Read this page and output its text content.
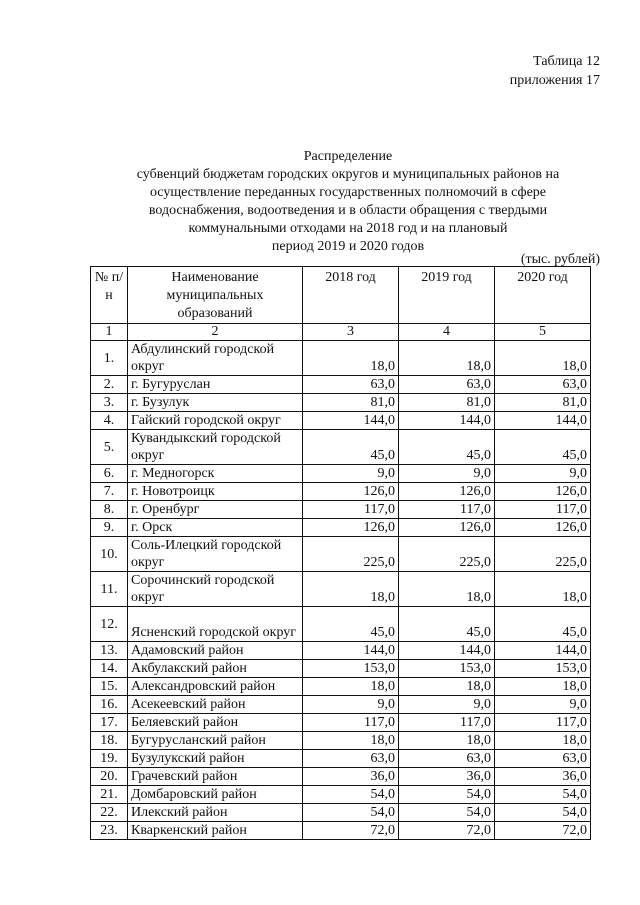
Таблица 12
приложения 17
Распределение
субвенций бюджетам городских округов и муниципальных районов на
осуществление переданных государственных полномочий в сфере
водоснабжения, водоотведения и в области обращения с твердыми
коммунальными отходами на 2018 год и на плановый
период 2019 и 2020 годов
(тыс. рублей)
№ п/н	Наименование муниципальных образований	2018 год	2019 год	2020 год
1	2	3	4	5
1.	Абдулинский городской округ	18,0	18,0	18,0
2.	г. Бугуруслан	63,0	63,0	63,0
3.	г. Бузулук	81,0	81,0	81,0
4.	Гайский городской округ	144,0	144,0	144,0
5.	Кувандыкский городской округ	45,0	45,0	45,0
6.	г. Медногорск	9,0	9,0	9,0
7.	г. Новотроицк	126,0	126,0	126,0
8.	г. Оренбург	117,0	117,0	117,0
9.	г. Орск	126,0	126,0	126,0
10.	Соль-Илецкий городской округ	225,0	225,0	225,0
11.	Сорочинский городской округ	18,0	18,0	18,0
12.	Ясненский городской округ	45,0	45,0	45,0
13.	Адамовский район	144,0	144,0	144,0
14.	Акбулакский район	153,0	153,0	153,0
15.	Александровский район	18,0	18,0	18,0
16.	Асекеевский район	9,0	9,0	9,0
17.	Беляевский район	117,0	117,0	117,0
18.	Бугурусланский район	18,0	18,0	18,0
19.	Бузулукский район	63,0	63,0	63,0
20.	Грачевский район	36,0	36,0	36,0
21.	Домбаровский район	54,0	54,0	54,0
22.	Илекский район	54,0	54,0	54,0
23.	Кваркенский район	72,0	72,0	72,0
